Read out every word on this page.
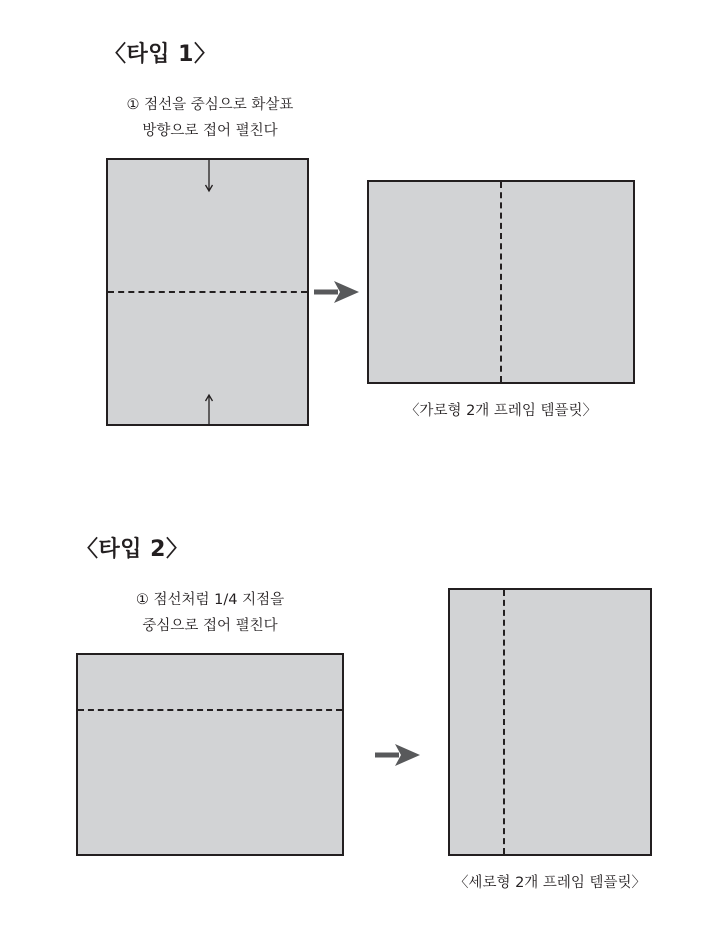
〈타입 1〉
① 점선을 중심으로 화살표
방향으로 접어 펼친다
〈가로형 2개 프레임 템플릿〉
〈타입 2〉
① 점선처럼 1/4 지점을
중심으로 접어 펼친다
〈세로형 2개 프레임 템플릿〉
